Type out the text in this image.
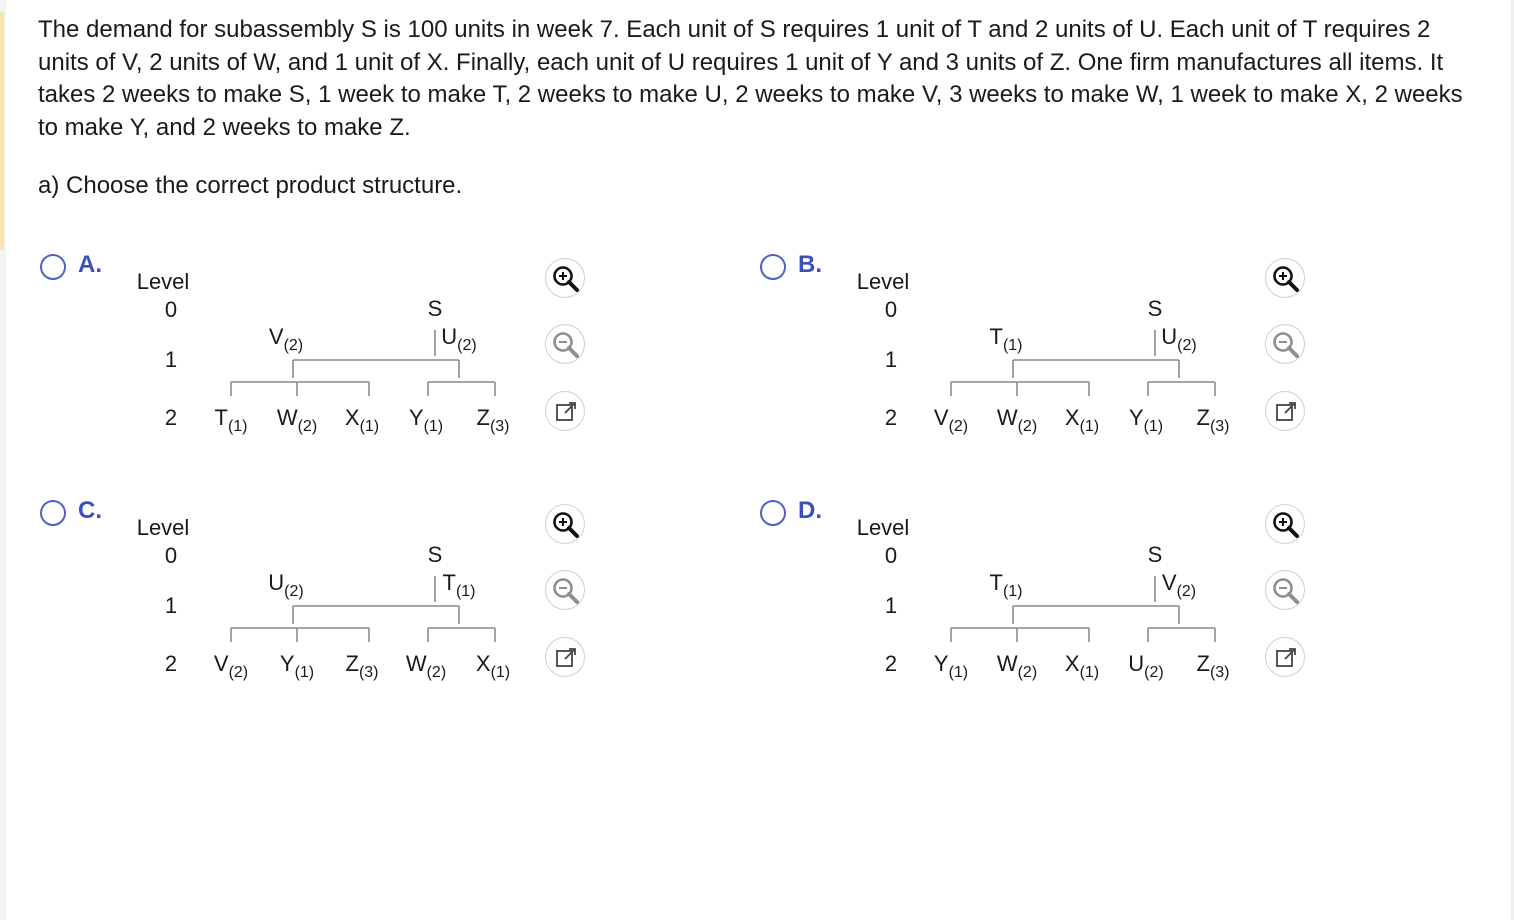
The demand for subassembly S is 100 units in week 7. Each unit of S requires 1 unit of T and 2 units of U. Each unit of T requires 2 units of V, 2 units of W, and 1 unit of X. Finally, each unit of U requires 1 unit of Y and 3 units of Z. One firm manufactures all items. It takes 2 weeks to make S, 1 week to make T, 2 weeks to make U, 2 weeks to make V, 3 weeks to make W, 1 week to make X, 2 weeks to make Y, and 2 weeks to make Z.

a) Choose the correct product structure.

A.
Level
0
1
2
S
$V_{(2)}$	$U_{(2)}$
$T_{(1)}$ $W_{(2)}$ $X_{(1)}$ $Y_{(1)}$ $Z_{(3)}$
B.
Level
0
1
2
S
$T_{(1)}$	$U_{(2)}$
$V_{(2)}$ $W_{(2)}$ $X_{(1)}$ $Y_{(1)}$ $Z_{(3)}$
C.
Level
0
1
2
S
$U_{(2)}$	$T_{(1)}$
$V_{(2)}$ $Y_{(1)}$ $Z_{(3)}$ $W_{(2)}$ $X_{(1)}$
D.
Level
0
1
2
S
$T_{(1)}$	$V_{(2)}$
$Y_{(1)}$ $W_{(2)}$ $X_{(1)}$ $U_{(2)}$ $Z_{(3)}$
